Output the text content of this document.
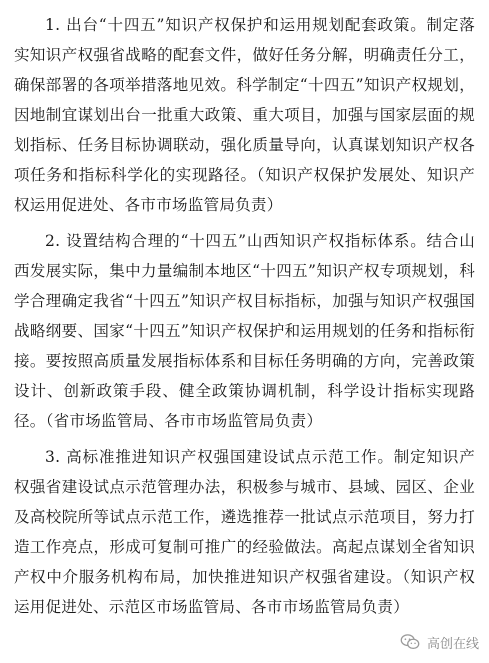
1. 出台“十四五”知识产权保护和运用规划配套政策。制定落实知识产权强省战略的配套文件，做好任务分解，明确责任分工，确保部署的各项举措落地见效。科学制定“十四五”知识产权规划，因地制宜谋划出台一批重大政策、重大项目，加强与国家层面的规划指标、任务目标协调联动，强化质量导向，认真谋划知识产权各项任务和指标科学化的实现路径。（知识产权保护发展处、知识产权运用促进处、各市市场监管局负责）

2. 设置结构合理的“十四五”山西知识产权指标体系。结合山西发展实际，集中力量编制本地区“十四五”知识产权专项规划，科学合理确定我省“十四五”知识产权目标指标，加强与知识产权强国战略纲要、国家“十四五”知识产权保护和运用规划的任务和指标衔接。要按照高质量发展指标体系和目标任务明确的方向，完善政策设计、创新政策手段、健全政策协调机制，科学设计指标实现路径。（省市场监管局、各市市场监管局负责）

3. 高标准推进知识产权强国建设试点示范工作。制定知识产权强省建设试点示范管理办法，积极参与城市、县域、园区、企业及高校院所等试点示范工作，遴选推荐一批试点示范项目，努力打造工作亮点，形成可复制可推广的经验做法。高起点谋划全省知识产权中介服务机构布局，加快推进知识产权强省建设。（知识产权运用促进处、示范区市场监管局、各市市场监管局负责）

高创在线
